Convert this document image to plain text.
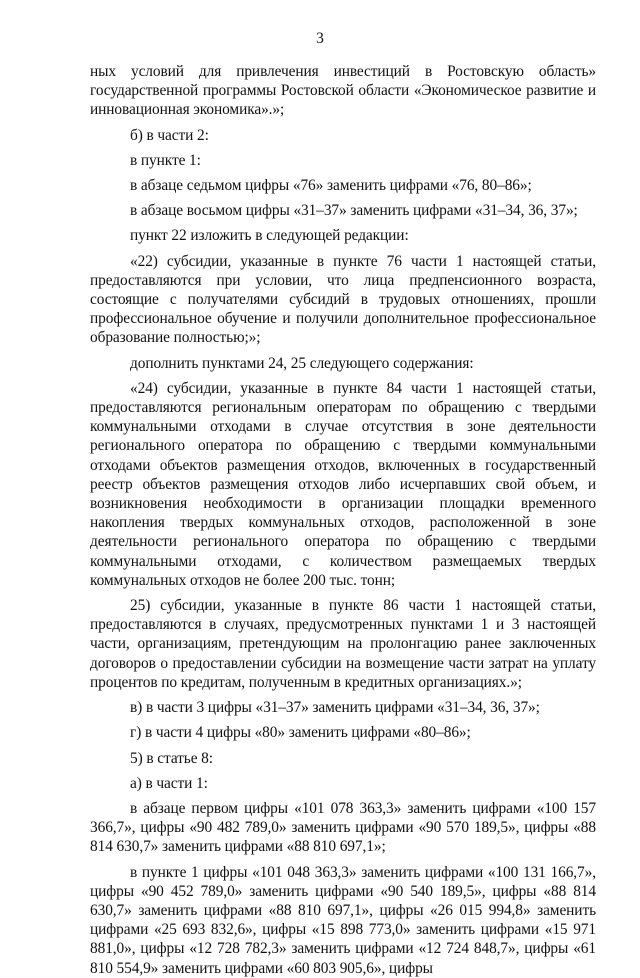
3

ных условий для привлечения инвестиций в Ростовскую область» государственной программы Ростовской области «Экономическое развитие и инновационная экономика».»;

б) в части 2:

в пункте 1:

в абзаце седьмом цифры «76» заменить цифрами «76, 80–86»;

в абзаце восьмом цифры «31–37» заменить цифрами «31–34, 36, 37»;

пункт 22 изложить в следующей редакции:

«22) субсидии, указанные в пункте 76 части 1 настоящей статьи, предоставляются при условии, что лица предпенсионного возраста, состоящие с получателями субсидий в трудовых отношениях, прошли профессиональное обучение и получили дополнительное профессиональное образование полностью;»;

дополнить пунктами 24, 25 следующего содержания:

«24) субсидии, указанные в пункте 84 части 1 настоящей статьи, предоставляются региональным операторам по обращению с твердыми коммунальными отходами в случае отсутствия в зоне деятельности регионального оператора по обращению с твердыми коммунальными отходами объектов размещения отходов, включенных в государственный реестр объектов размещения отходов либо исчерпавших свой объем, и возникновения необходимости в организации площадки временного накопления твердых коммунальных отходов, расположенной в зоне деятельности регионального оператора по обращению с твердыми коммунальными отходами, с количеством размещаемых твердых коммунальных отходов не более 200 тыс. тонн;

25) субсидии, указанные в пункте 86 части 1 настоящей статьи, предоставляются в случаях, предусмотренных пунктами 1 и 3 настоящей части, организациям, претендующим на пролонгацию ранее заключенных договоров о предоставлении субсидии на возмещение части затрат на уплату процентов по кредитам, полученным в кредитных организациях.»;

в) в части 3 цифры «31–37» заменить цифрами «31–34, 36, 37»;

г) в части 4 цифры «80» заменить цифрами «80–86»;

5) в статье 8:

а) в части 1:

в абзаце первом цифры «101 078 363,3» заменить цифрами «100 157 366,7», цифры «90 482 789,0» заменить цифрами «90 570 189,5», цифры «88 814 630,7» заменить цифрами «88 810 697,1»;

в пункте 1 цифры «101 048 363,3» заменить цифрами «100 131 166,7», цифры «90 452 789,0» заменить цифрами «90 540 189,5», цифры «88 814 630,7» заменить цифрами «88 810 697,1», цифры «26 015 994,8» заменить цифрами «25 693 832,6», цифры «15 898 773,0» заменить цифрами «15 971 881,0», цифры «12 728 782,3» заменить цифрами «12 724 848,7», цифры «61 810 554,9» заменить цифрами «60 803 905,6», цифры
